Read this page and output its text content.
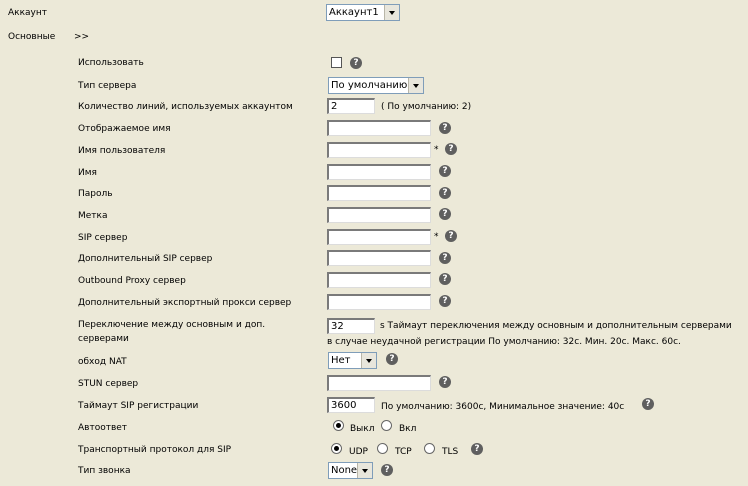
Аккаунт	Аккаунт1
Основные >>
Использовать	?
Тип сервера	По умолчанию
Количество линий, используемых аккаунтом	2	( По умолчанию: 2)
Отображаемое имя	?
Имя пользователя	*	?
Имя	?
Пароль	?
Метка	?
SIP сервер	*	?
Дополнительный SIP сервер	?
Outbound Proxy сервер	?
Дополнительный экспортный прокси сервер	?
Переключение между основным и доп.
серверами
32	s Таймаут переключения между основным и дополнительным серверами
в случае неудачной регистрации По умолчанию: 32с. Мин. 20с. Макс. 60с.
обход NAT	Нет	?
STUN сервер	?
Таймаут SIP регистрации	3600	По умолчанию: 3600с, Минимальное значение: 40с	?
Автоответ	Выкл	Вкл
Транспортный протокол для SIP	UDP	TCP	TLS	?
Тип звонка	None	?
